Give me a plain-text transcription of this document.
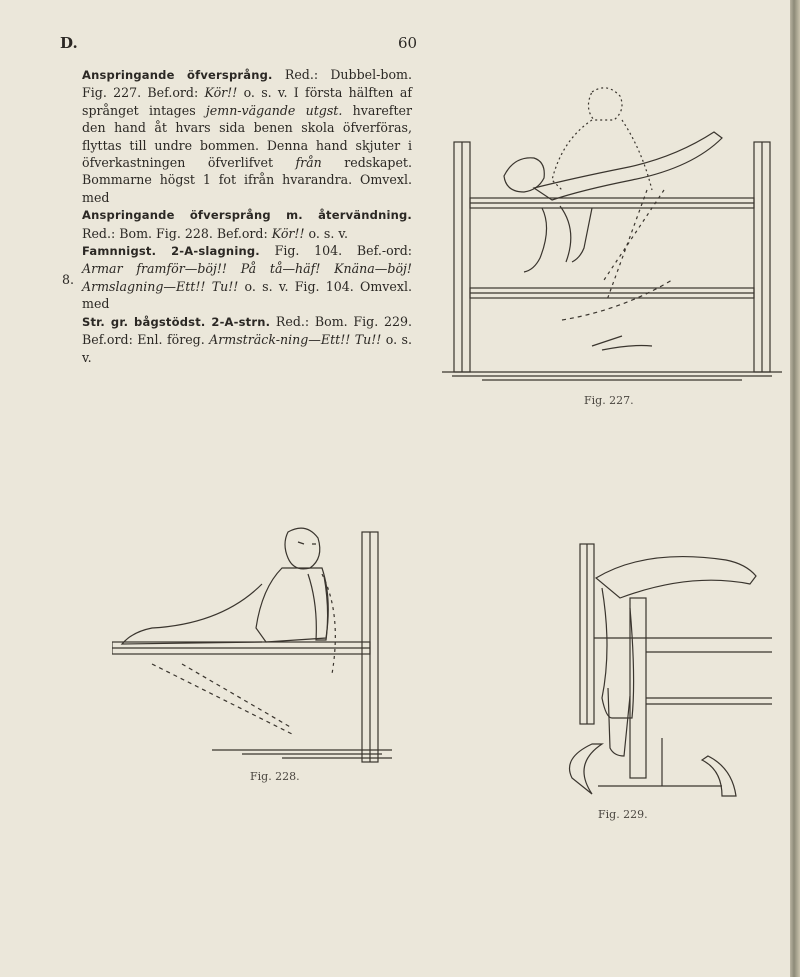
D.	60
8.

Anspringande öfversprång. Red.: Dubbel-bom. Fig. 227. Bef.ord: Kör!! o. s. v. I första hälften af språnget intages jemn-vägande utgst. hvarefter den hand åt hvars sida benen skola öfverföras, flyttas till undre bommen. Denna hand skjuter i öfverkastningen öfverlifvet från redskapet. Bommarne högst 1 fot ifrån hvarandra. Omvexl. med

Anspringande öfversprång m. återvändning. Red.: Bom. Fig. 228. Bef.ord: Kör!! o. s. v.

Famnnigst. 2-A-slagning. Fig. 104. Bef.-ord: Armar framför—böj!! På tå—häf! Knäna—böj! Armslagning—Ett!! Tu!! o. s. v. Fig. 104. Omvexl. med

Str. gr. bågstödst. 2-A-strn. Red.: Bom. Fig. 229. Bef.ord: Enl. föreg. Armsträck-ning—Ett!! Tu!! o. s. v.

Fig. 227.
Fig. 228.
Fig. 229.
